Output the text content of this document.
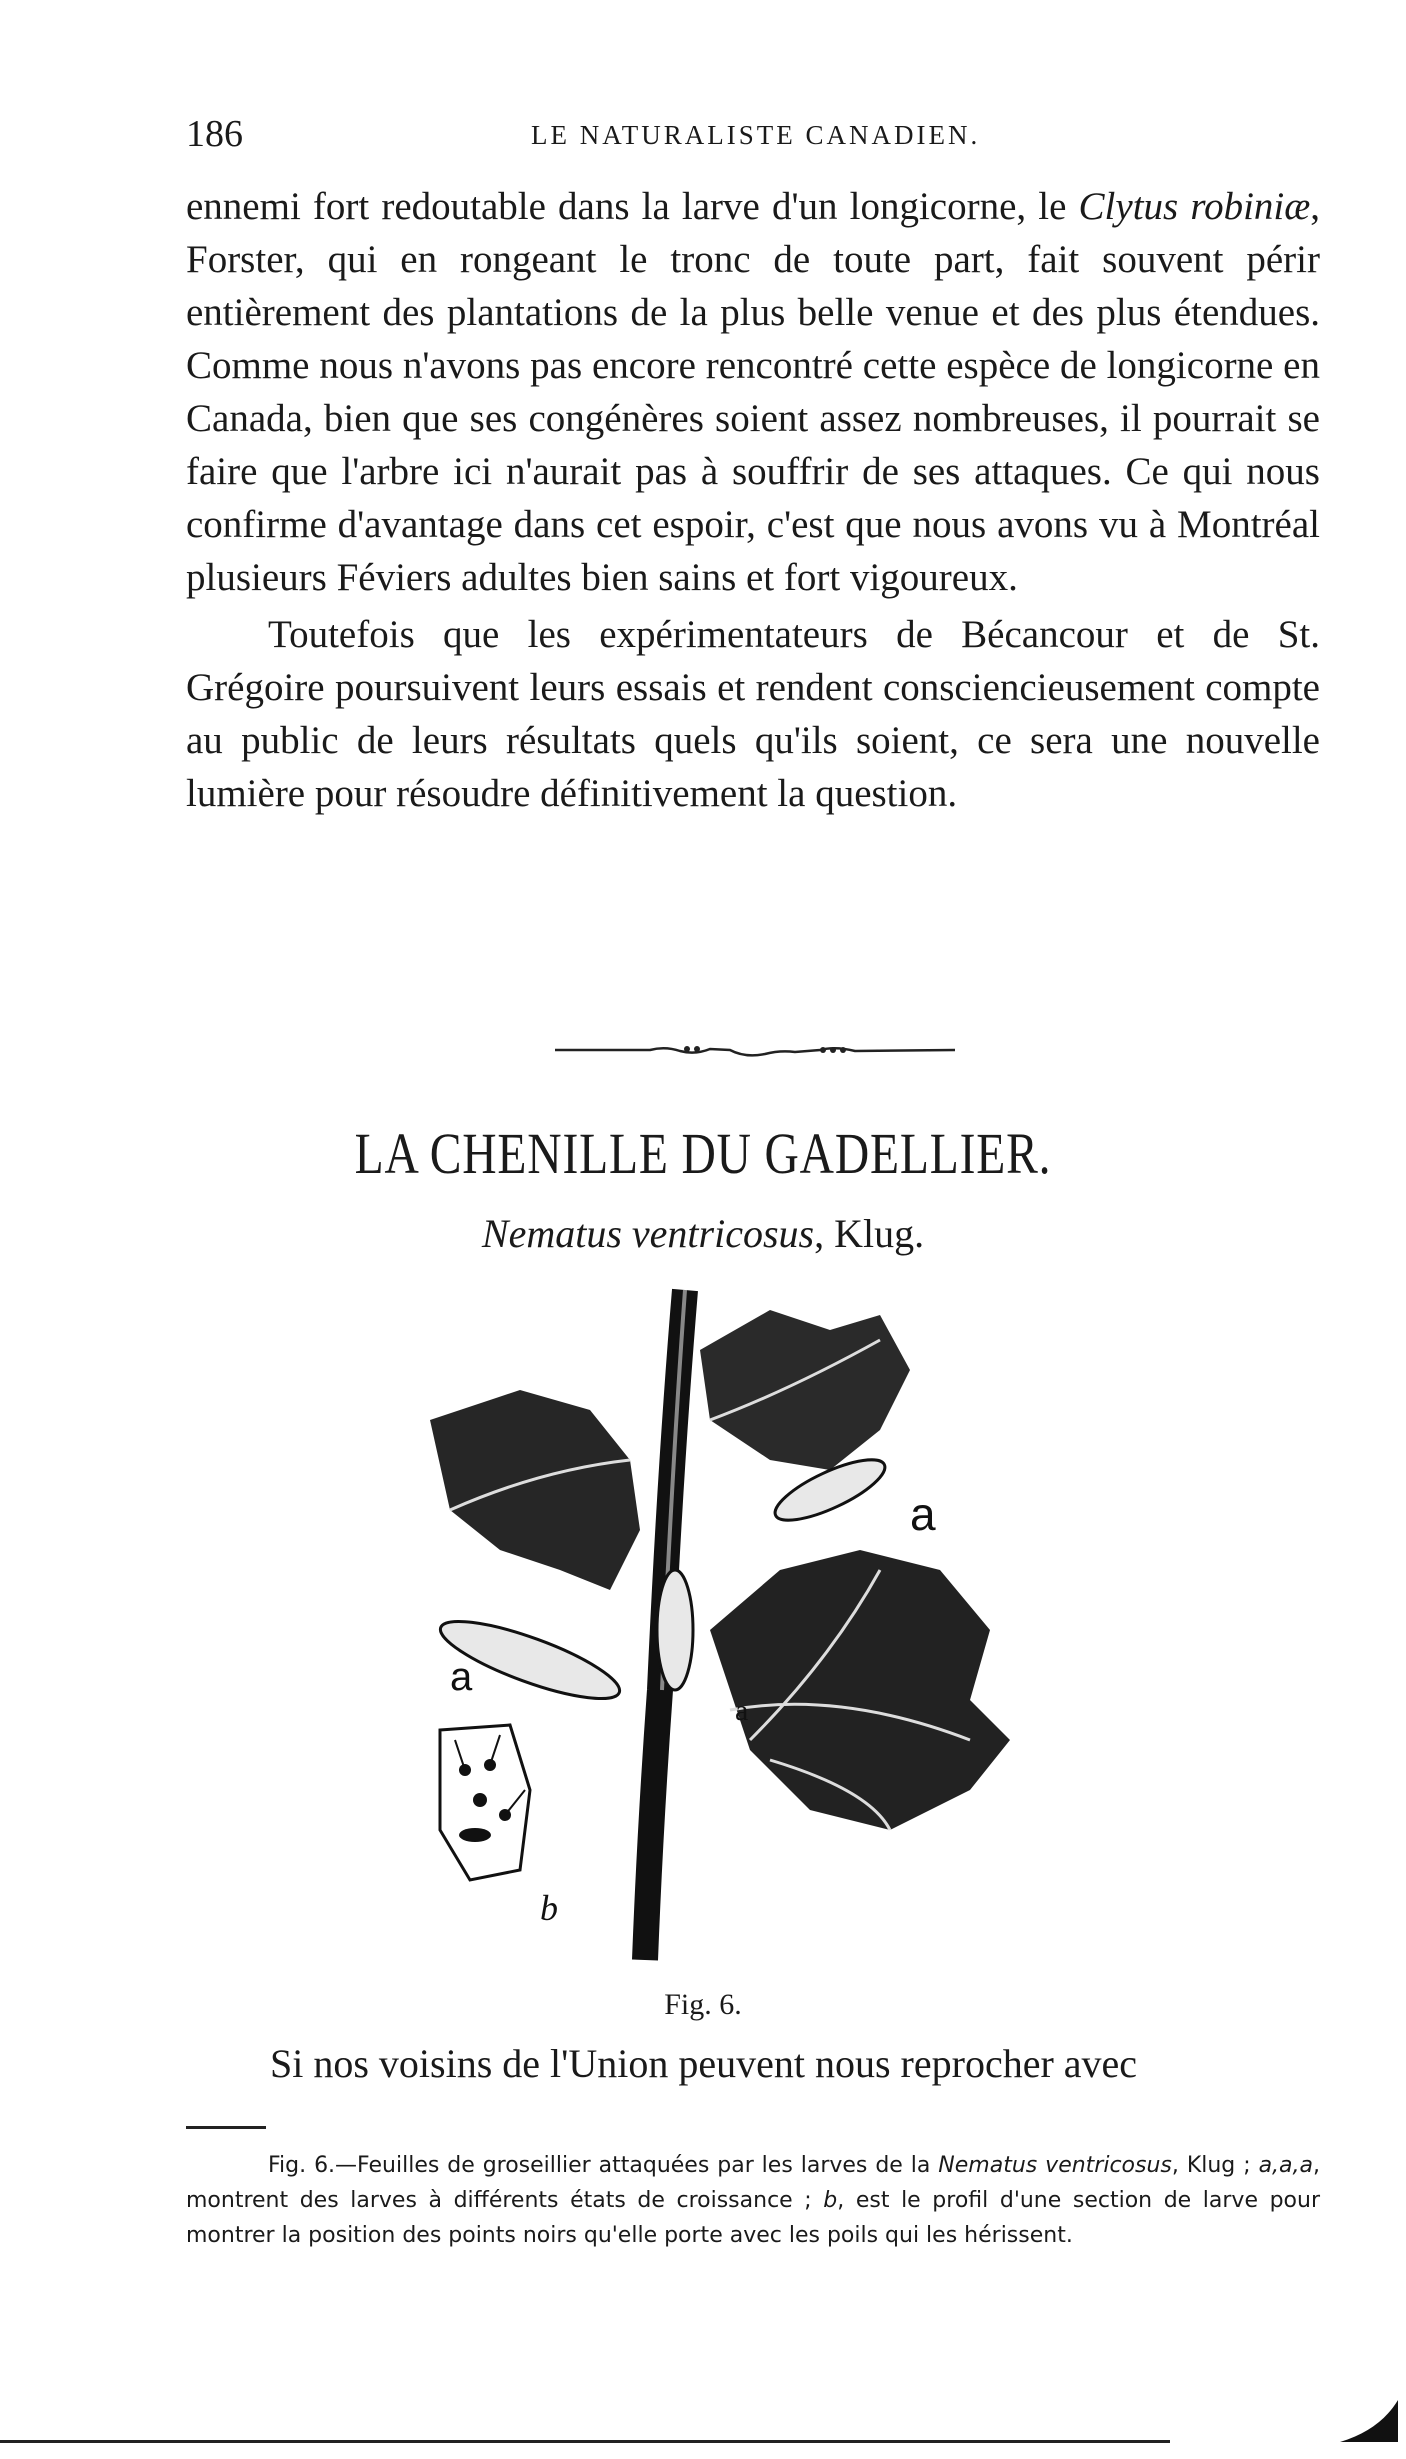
186	LE NATURALISTE CANADIEN.

ennemi fort redoutable dans la larve d'un longicorne, le Clytus robiniæ, Forster, qui en rongeant le tronc de toute part, fait souvent périr entièrement des plantations de la plus belle venue et des plus étendues. Comme nous n'avons pas encore rencontré cette espèce de longicorne en Canada, bien que ses congénères soient assez nombreuses, il pourrait se faire que l'arbre ici n'aurait pas à souffrir de ses attaques. Ce qui nous confirme d'avantage dans cet espoir, c'est que nous avons vu à Montréal plusieurs Féviers adultes bien sains et fort vigoureux.

Toutefois que les expérimentateurs de Bécancour et de St. Grégoire poursuivent leurs essais et rendent consciencieusement compte au public de leurs résultats quels qu'ils soient, ce sera une nouvelle lumière pour résoudre définitivement la question.

LA CHENILLE DU GADELLIER.
Nematus ventricosus, Klug.
a
a
a
b
Fig. 6.
Si nos voisins de l'Union peuvent nous reprocher avec

Fig. 6.—Feuilles de groseillier attaquées par les larves de la Nematus ventricosus, Klug ; a,a,a, montrent des larves à différents états de croissance ; b, est le profil d'une section de larve pour montrer la position des points noirs qu'elle porte avec les poils qui les hérissent.
